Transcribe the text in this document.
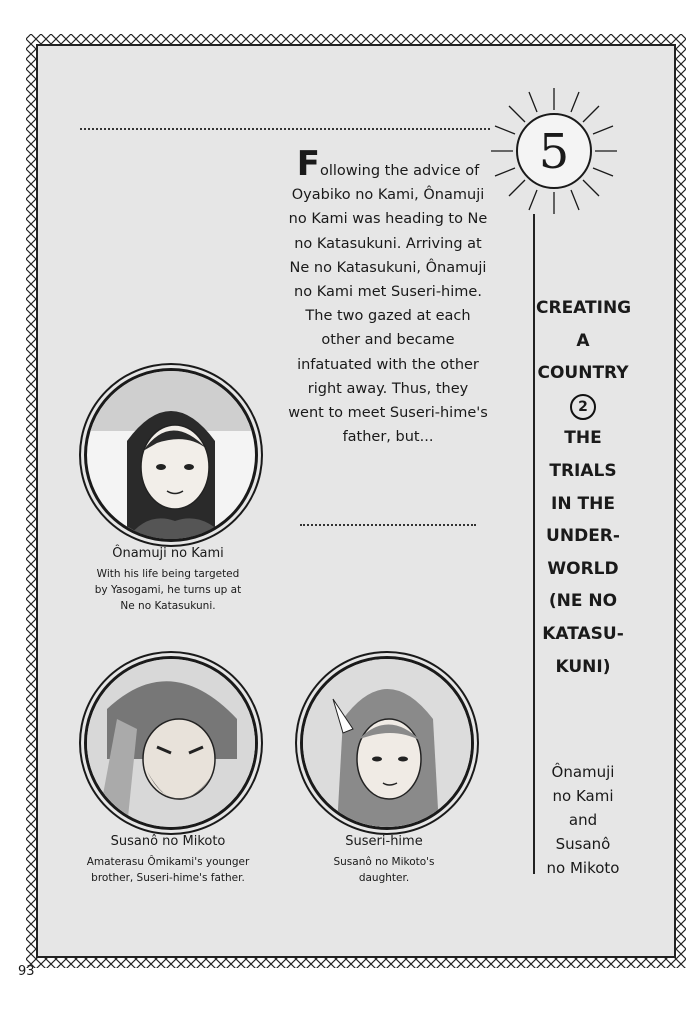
5
Following the advice of Oyabiko no Kami, Ônamuji no Kami was heading to Ne no Katasukuni. Arriving at Ne no Katasukuni, Ônamuji no Kami met Suseri-hime. The two gazed at each other and became infatuated with the other right away. Thus, they went to meet Suseri-hime's father, but...
CREATING
A
COUNTRY
2
THE
TRIALS
IN THE
UNDER-
WORLD
(NE NO
KATASU-
KUNI)
Ônamuji
no Kami
and
Susanô
no Mikoto
Ônamuji no Kami
With his life being targeted
by Yasogami, he turns up at
Ne no Katasukuni.
Susanô no Mikoto
Amaterasu Ômikami's younger
brother, Suseri-hime's father.
Suseri-hime
Susanô no Mikoto's
daughter.
93
